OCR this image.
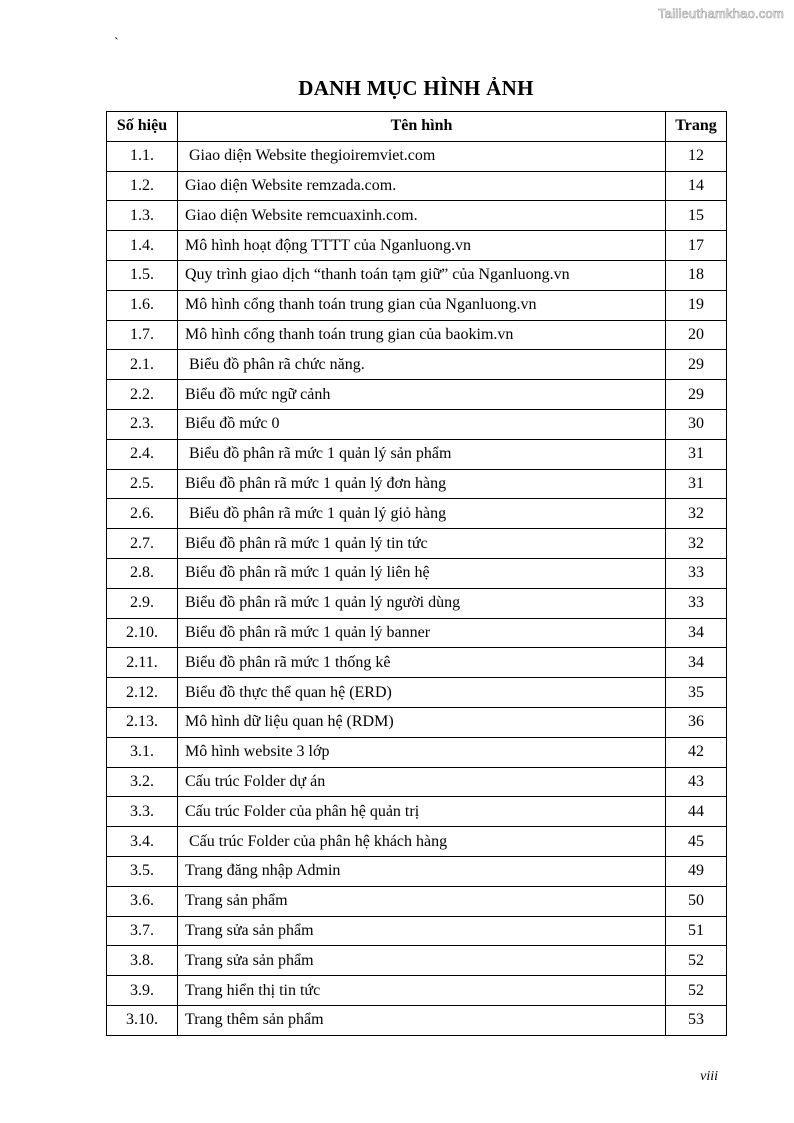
Tailieuthamkhao.com
`
DANH MỤC HÌNH ẢNH
Số hiệu	Tên hình	Trang
1.1.	Giao diện Website thegioiremviet.com	12
1.2.	Giao diện Website remzada.com.	14
1.3.	Giao diện Website remcuaxinh.com.	15
1.4.	Mô hình hoạt động TTTT của Nganluong.vn	17
1.5.	Quy trình giao dịch “thanh toán tạm giữ” của Nganluong.vn	18
1.6.	Mô hình cổng thanh toán trung gian của Nganluong.vn	19
1.7.	Mô hình cổng thanh toán trung gian của baokim.vn	20
2.1.	Biểu đồ phân rã chức năng.	29
2.2.	Biểu đồ mức ngữ cảnh	29
2.3.	Biểu đồ mức 0	30
2.4.	Biểu đồ phân rã mức 1 quản lý sản phẩm	31
2.5.	Biểu đồ phân rã mức 1 quản lý đơn hàng	31
2.6.	Biểu đồ phân rã mức 1 quản lý giỏ hàng	32
2.7.	Biểu đồ phân rã mức 1 quản lý tin tức	32
2.8.	Biểu đồ phân rã mức 1 quản lý liên hệ	33
2.9.	Biểu đồ phân rã mức 1 quản lý người dùng	33
2.10.	Biểu đồ phân rã mức 1 quản lý banner	34
2.11.	Biểu đồ phân rã mức 1 thống kê	34
2.12.	Biểu đồ thực thể quan hệ (ERD)	35
2.13.	Mô hình dữ liệu quan hệ (RDM)	36
3.1.	Mô hình website 3 lớp	42
3.2.	Cấu trúc Folder dự án	43
3.3.	Cấu trúc Folder của phân hệ quản trị	44
3.4.	Cấu trúc Folder của phân hệ khách hàng	45
3.5.	Trang đăng nhập Admin	49
3.6.	Trang sản phẩm	50
3.7.	Trang sửa sản phẩm	51
3.8.	Trang sửa sản phẩm	52
3.9.	Trang hiển thị tin tức	52
3.10.	Trang thêm sản phẩm	53
viii
